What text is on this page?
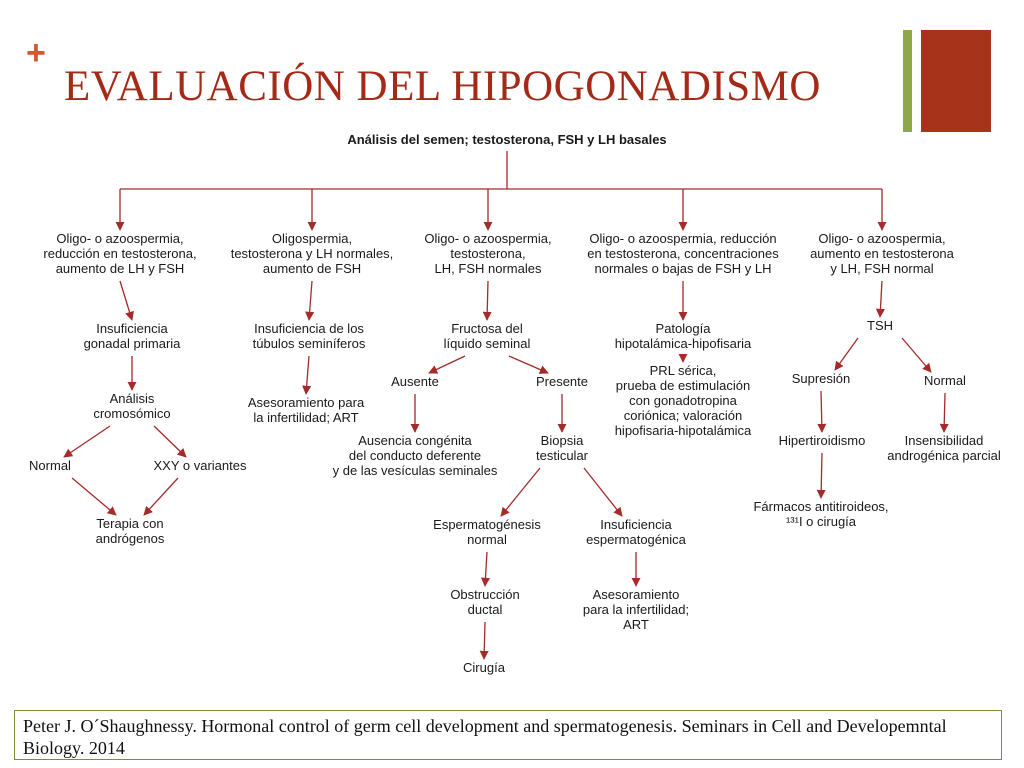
+
EVALUACIÓN DEL HIPOGONADISMO
Análisis del semen; testosterona, FSH y LH basales
Oligo- o azoospermia,
reducción en testosterona,
aumento de LH y FSH
Oligospermia,
testosterona y LH normales,
aumento de FSH
Oligo- o azoospermia,
testosterona,
LH, FSH normales
Oligo- o azoospermia, reducción
en testosterona, concentraciones
normales o bajas de FSH y LH
Oligo- o azoospermia,
aumento en testosterona
y LH, FSH normal
Insuficiencia
gonadal primaria
Análisis
cromosómico
Normal	XXY o variantes
Terapia con
andrógenos
Insuficiencia de los
túbulos seminíferos
Asesoramiento para
la infertilidad; ART
Fructosa del
líquido seminal
Ausente	Presente
Ausencia congénita
del conducto deferente
y de las vesículas seminales
Biopsia
testicular
Espermatogénesis
normal
Insuficiencia
espermatogénica
Obstrucción
ductal
Cirugía
Asesoramiento
para la infertilidad;
ART
Patología
hipotalámica-hipofisaria
PRL sérica,
prueba de estimulación
con gonadotropina
coriónica; valoración
hipofisaria-hipotalámica
TSH
Supresión	Normal
Hipertiroidismo	Insensibilidad
androgénica parcial
Fármacos antitiroideos,
¹³¹I o cirugía
Peter J. O´Shaughnessy. Hormonal control of germ cell development and spermatogenesis. Seminars in Cell and Developemntal Biology. 2014
